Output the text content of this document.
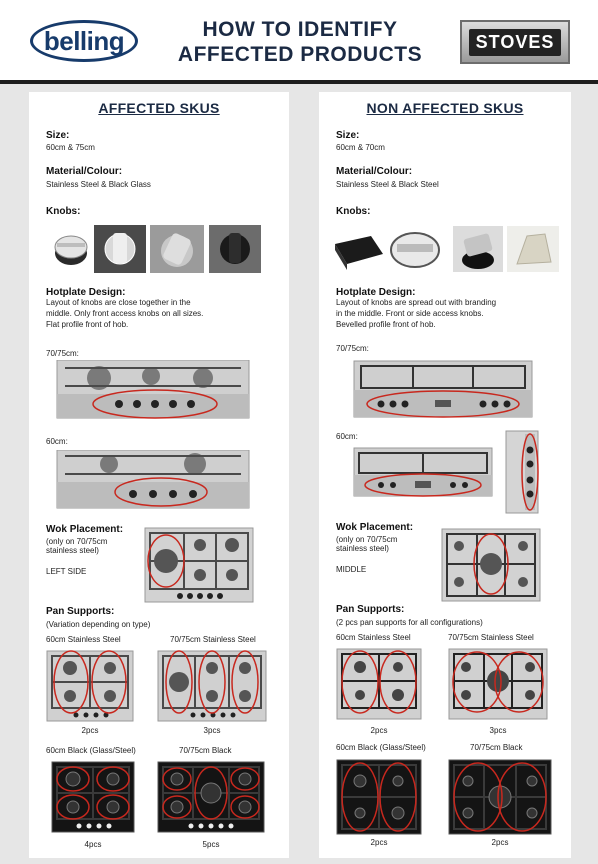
belling	HOW TO IDENTIFY
AFFECTED PRODUCTS
STOVES
AFFECTED SKUS
Size:
60cm & 75cm
Material/Colour:
Stainless Steel & Black Glass
Knobs:
Hotplate Design:
Layout of knobs are close together in the
middle. Only front access knobs on all sizes.
Flat profile front of hob.
70/75cm:
60cm:
Wok Placement:
(only on 70/75cm
stainless steel)
LEFT SIDE
Pan Supports:
(Variation depending on type)
60cm Stainless Steel	70/75cm Stainless Steel
2pcs	3pcs
60cm Black (Glass/Steel)	70/75cm Black
4pcs	5pcs
NON AFFECTED SKUS
Size:
60cm & 70cm
Material/Colour:
Stainless Steel & Black Steel
Knobs:
Hotplate Design:
Layout of knobs are spread out with branding
in the middle. Front or side access knobs.
Bevelled profile front of hob.
70/75cm:
60cm:
Wok Placement:
(only on 70/75cm
stainless steel)
MIDDLE
Pan Supports:
(2 pcs pan supports for all configurations)
60cm Stainless Steel	70/75cm Stainless Steel
2pcs	3pcs
60cm Black (Glass/Steel)	70/75cm Black
2pcs	2pcs
